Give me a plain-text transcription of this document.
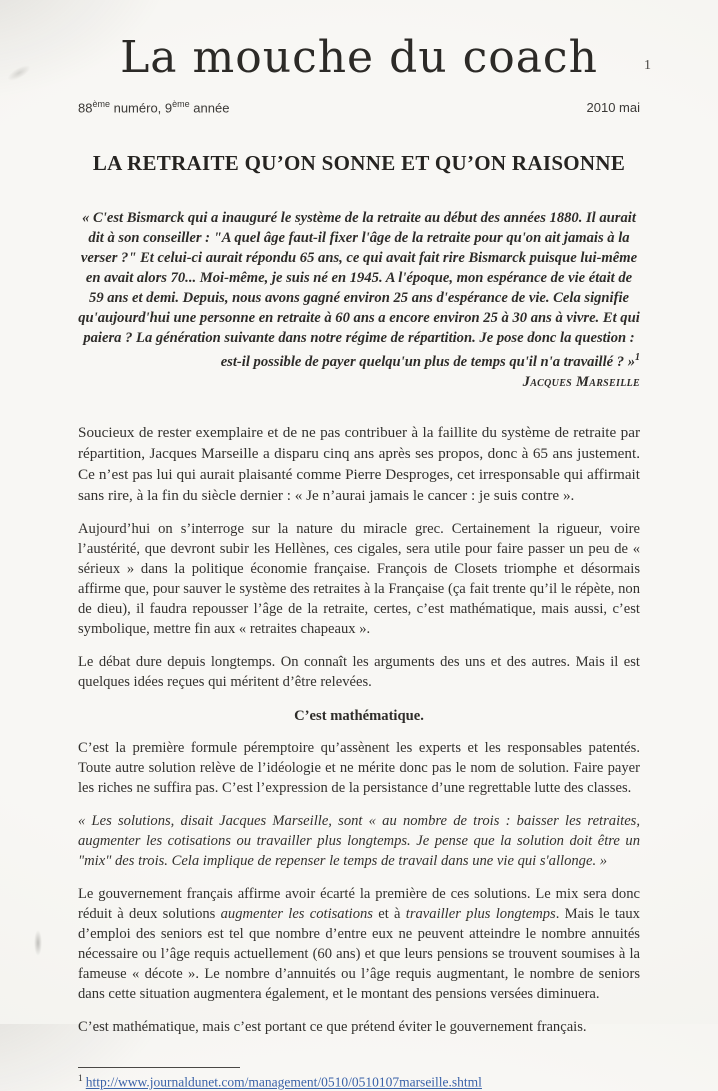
1
La mouche du coach
88ème numéro, 9ème année	2010 mai
LA RETRAITE QU’ON SONNE ET QU’ON RAISONNE
« C'est Bismarck qui a inauguré le système de la retraite au début des années 1880. Il aurait dit à son conseiller : "A quel âge faut-il fixer l'âge de la retraite pour qu'on ait jamais à la verser ?" Et celui-ci aurait répondu 65 ans, ce qui avait fait rire Bismarck puisque lui-même en avait alors 70... Moi-même, je suis né en 1945. A l'époque, mon espérance de vie était de 59 ans et demi. Depuis, nous avons gagné environ 25 ans d'espérance de vie. Cela signifie qu'aujourd'hui une personne en retraite à 60 ans a encore environ 25 à 30 ans à vivre. Et qui paiera ? La génération suivante dans notre régime de répartition. Je pose donc la question : est-il possible de payer quelqu'un plus de temps qu'il n'a travaillé ? »$^1$
Jacques Marseille

Soucieux de rester exemplaire et de ne pas contribuer à la faillite du système de retraite par répartition, Jacques Marseille a disparu cinq ans après ses propos, donc à 65 ans justement. Ce n’est pas lui qui aurait plaisanté comme Pierre Desproges, cet irresponsable qui affirmait sans rire, à la fin du siècle dernier : « Je n’aurai jamais le cancer : je suis contre ».

Aujourd’hui on s’interroge sur la nature du miracle grec. Certainement la rigueur, voire l’austérité, que devront subir les Hellènes, ces cigales, sera utile pour faire passer un peu de « sérieux » dans la politique économie française. François de Closets triomphe et désormais affirme que, pour sauver le système des retraites à la Française (ça fait trente qu’il le répète, non de dieu), il faudra repousser l’âge de la retraite, certes, c’est mathématique, mais aussi, c’est symbolique, mettre fin aux « retraites chapeaux ».

Le débat dure depuis longtemps. On connaît les arguments des uns et des autres. Mais il est quelques idées reçues qui méritent d’être relevées.

C’est mathématique.

C’est la première formule péremptoire qu’assènent les experts et les responsables patentés. Toute autre solution relève de l’idéologie et ne mérite donc pas le nom de solution. Faire payer les riches ne suffira pas. C’est l’expression de la persistance d’une regrettable lutte des classes.

« Les solutions, disait Jacques Marseille, sont « au nombre de trois : baisser les retraites, augmenter les cotisations ou travailler plus longtemps. Je pense que la solution doit être un "mix" des trois. Cela implique de repenser le temps de travail dans une vie qui s'allonge. »

Le gouvernement français affirme avoir écarté la première de ces solutions. Le mix sera donc réduit à deux solutions augmenter les cotisations et à travailler plus longtemps. Mais le taux d’emploi des seniors est tel que nombre d’entre eux ne peuvent atteindre le nombre annuités nécessaire ou l’âge requis actuellement (60 ans) et que leurs pensions se trouvent soumises à la fameuse « décote ». Le nombre d’annuités ou l’âge requis augmentant, le nombre de seniors dans cette situation augmentera également, et le montant des pensions versées diminuera.

C’est mathématique, mais c’est portant ce que prétend éviter le gouvernement français.

$^1$ http://www.journaldunet.com/management/0510/0510107marseille.shtml
